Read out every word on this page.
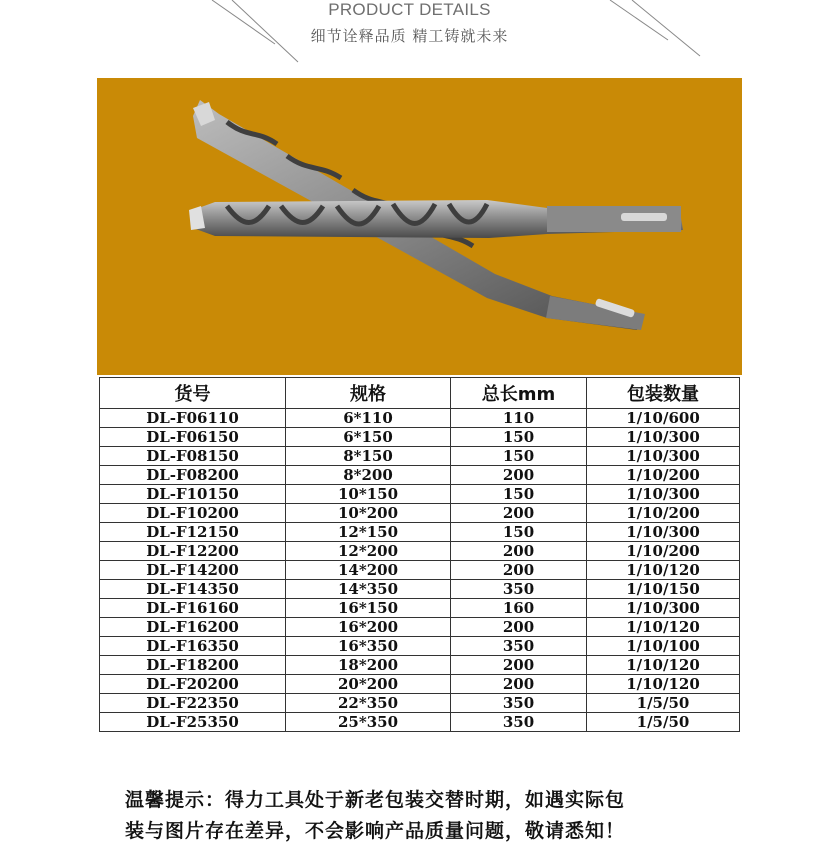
PRODUCT DETAILS
细节诠释品质 精工铸就未来
货号	规格	总长mm	包装数量
DL-F06110	6*110	110	1/10/600
DL-F06150	6*150	150	1/10/300
DL-F08150	8*150	150	1/10/300
DL-F08200	8*200	200	1/10/200
DL-F10150	10*150	150	1/10/300
DL-F10200	10*200	200	1/10/200
DL-F12150	12*150	150	1/10/300
DL-F12200	12*200	200	1/10/200
DL-F14200	14*200	200	1/10/120
DL-F14350	14*350	350	1/10/150
DL-F16160	16*150	160	1/10/300
DL-F16200	16*200	200	1/10/120
DL-F16350	16*350	350	1/10/100
DL-F18200	18*200	200	1/10/120
DL-F20200	20*200	200	1/10/120
DL-F22350	22*350	350	1/5/50
DL-F25350	25*350	350	1/5/50
温馨提示：得力工具处于新老包装交替时期，如遇实际包
装与图片存在差异，不会影响产品质量问题，敬请悉知！
